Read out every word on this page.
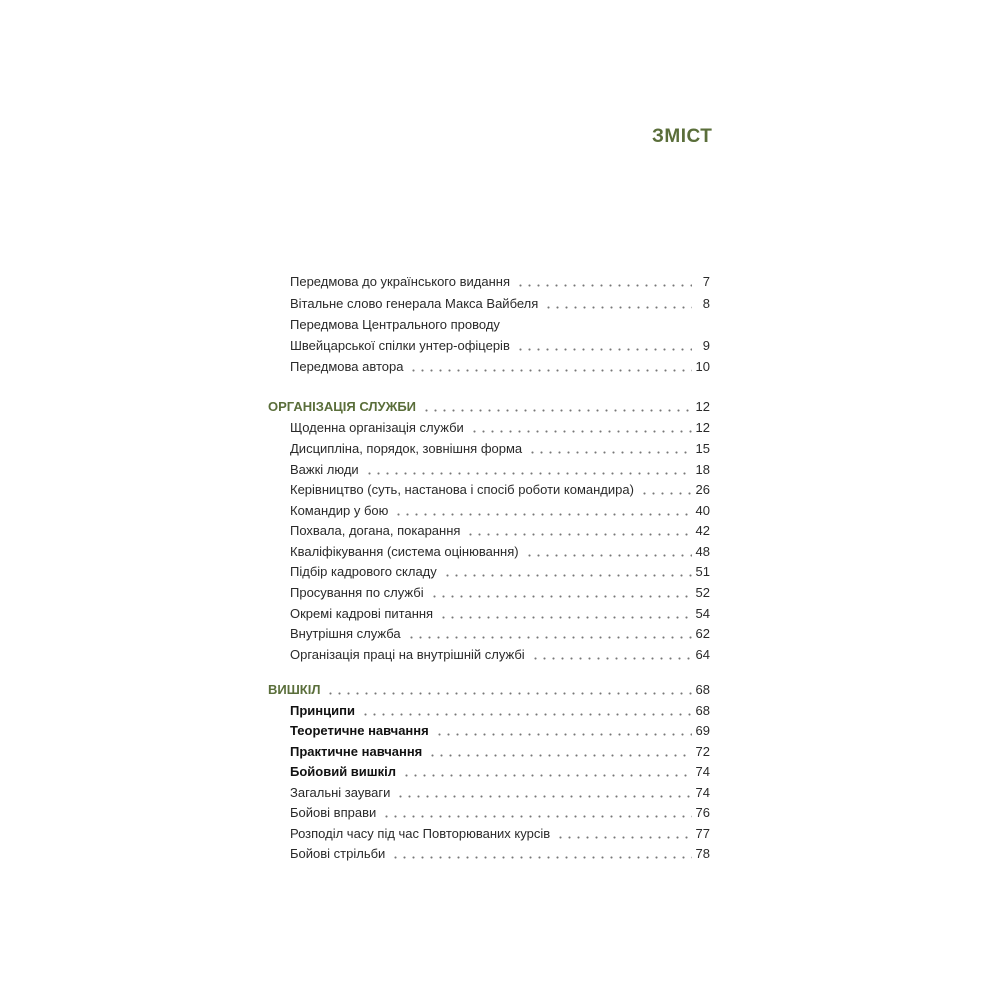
ЗМІСТ
Передмова до українського видання	7
Вітальне слово генерала Макса Вайбеля	8
Передмова Центрального проводу
Швейцарської спілки унтер-офіцерів	9
Передмова автора	10
ОРГАНІЗАЦІЯ СЛУЖБИ	12
Щоденна організація служби	12
Дисципліна, порядок, зовнішня форма	15
Важкі люди	18
Керівництво (суть, настанова і спосіб роботи командира)	26
Командир у бою	40
Похвала, догана, покарання	42
Кваліфікування (система оцінювання)	48
Підбір кадрового складу	51
Просування по службі	52
Окремі кадрові питання	54
Внутрішня служба	62
Організація праці на внутрішній службі	64
ВИШКІЛ	68
Принципи	68
Теоретичне навчання	69
Практичне навчання	72
Бойовий вишкіл	74
Загальні зауваги	74
Бойові вправи	76
Розподіл часу під час Повторюваних курсів	77
Бойові стрільби	78
